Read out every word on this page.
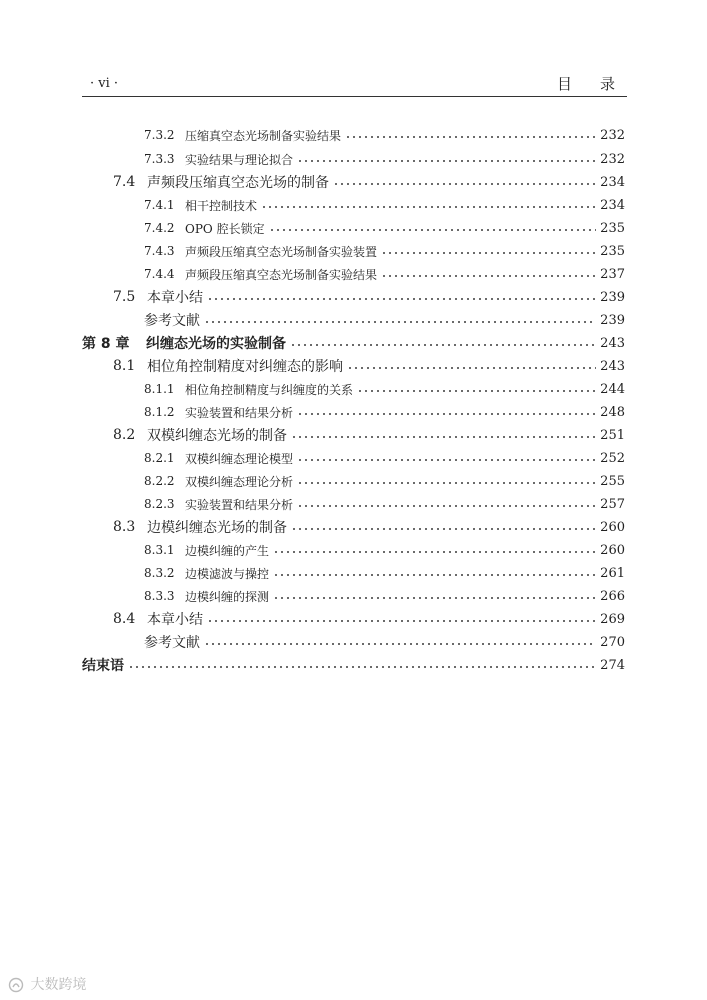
· vi ·	目录
7.3.2 压缩真空态光场制备实验结果	232
7.3.3 实验结果与理论拟合	232
7.4 声频段压缩真空态光场的制备	234
7.4.1 相干控制技术	234
7.4.2 OPO 腔长锁定	235
7.4.3 声频段压缩真空态光场制备实验装置	235
7.4.4 声频段压缩真空态光场制备实验结果	237
7.5 本章小结	239
参考文献	239
第 8 章	纠缠态光场的实验制备	243
8.1 相位角控制精度对纠缠态的影响	243
8.1.1 相位角控制精度与纠缠度的关系	244
8.1.2 实验装置和结果分析	248
8.2 双模纠缠态光场的制备	251
8.2.1 双模纠缠态理论模型	252
8.2.2 双模纠缠态理论分析	255
8.2.3 实验装置和结果分析	257
8.3 边模纠缠态光场的制备	260
8.3.1 边模纠缠的产生	260
8.3.2 边模滤波与操控	261
8.3.3 边模纠缠的探测	266
8.4 本章小结	269
参考文献	270
结束语	274
大数跨境
